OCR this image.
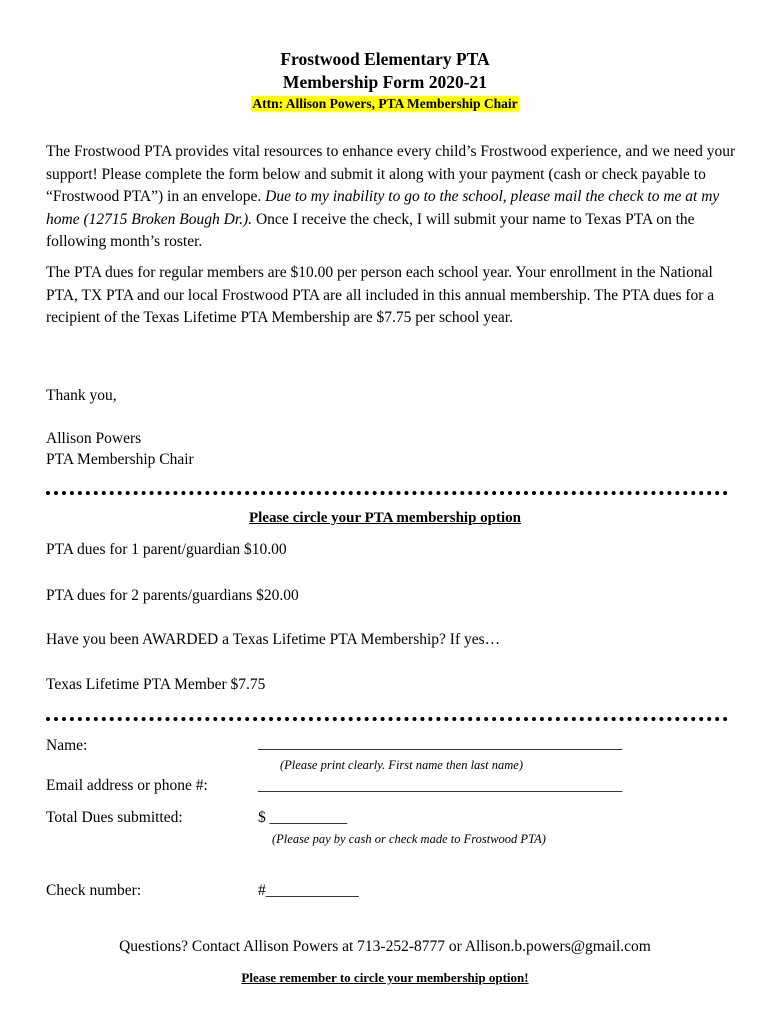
Frostwood Elementary PTA
Membership Form 2020-21
Attn: Allison Powers, PTA Membership Chair

The Frostwood PTA provides vital resources to enhance every child’s Frostwood experience, and we need your support! Please complete the form below and submit it along with your payment (cash or check payable to “Frostwood PTA”) in an envelope. Due to my inability to go to the school, please mail the check to me at my home (12715 Broken Bough Dr.). Once I receive the check, I will submit your name to Texas PTA on the following month’s roster.

The PTA dues for regular members are $10.00 per person each school year. Your enrollment in the National PTA, TX PTA and our local Frostwood PTA are all included in this annual membership. The PTA dues for a recipient of the Texas Lifetime PTA Membership are $7.75 per school year.

Thank you,
Allison Powers
PTA Membership Chair
Please circle your PTA membership option
PTA dues for 1 parent/guardian $10.00
PTA dues for 2 parents/guardians $20.00
Have you been AWARDED a Texas Lifetime PTA Membership? If yes…
Texas Lifetime PTA Member $7.75
Name:	_______________________________________________
(Please print clearly. First name then last name)
Email address or phone #:	_______________________________________________
Total Dues submitted:	$ __________
(Please pay by cash or check made to Frostwood PTA)
Check number:	#____________
Questions? Contact Allison Powers at 713-252-8777 or Allison.b.powers@gmail.com
Please remember to circle your membership option!
